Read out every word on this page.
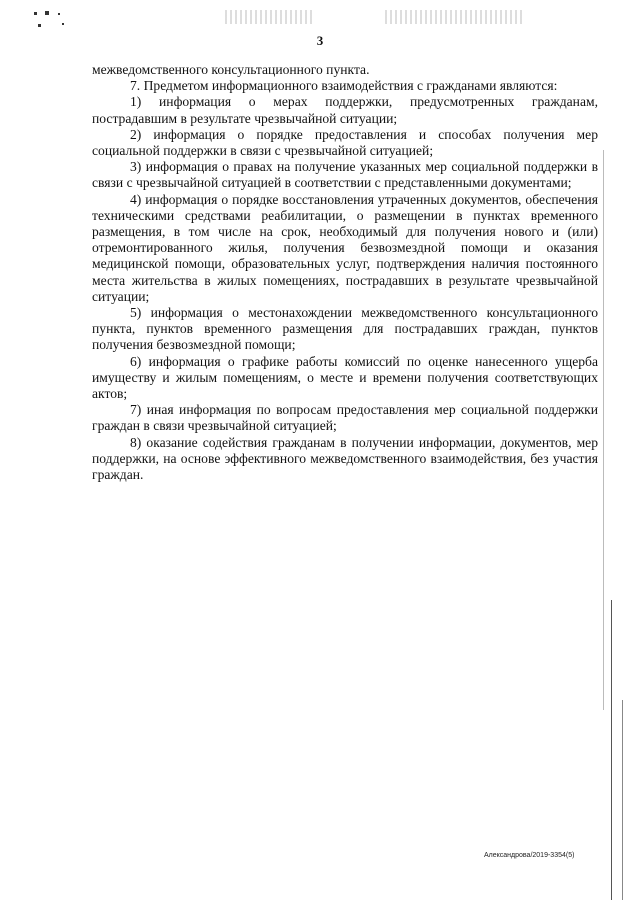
3

межведомственного консультационного пункта.

7. Предметом информационного взаимодействия с гражданами являются:

1) информация о мерах поддержки, предусмотренных гражданам, пострадавшим в результате чрезвычайной ситуации;

2) информация о порядке предоставления и способах получения мер социальной поддержки в связи с чрезвычайной ситуацией;

3) информация о правах на получение указанных мер социальной поддержки в связи с чрезвычайной ситуацией в соответствии с представленными документами;

4) информация о порядке восстановления утраченных документов, обеспечения техническими средствами реабилитации, о размещении в пунктах временного размещения, в том числе на срок, необходимый для получения нового и (или) отремонтированного жилья, получения безвозмездной помощи и оказания медицинской помощи, образовательных услуг, подтверждения наличия постоянного места жительства в жилых помещениях, пострадавших в результате чрезвычайной ситуации;

5) информация о местонахождении межведомственного консультационного пункта, пунктов временного размещения для пострадавших граждан, пунктов получения безвозмездной помощи;

6) информация о графике работы комиссий по оценке нанесенного ущерба имуществу и жилым помещениям, о месте и времени получения соответствующих актов;

7) иная информация по вопросам предоставления мер социальной поддержки граждан в связи чрезвычайной ситуацией;

8) оказание содействия гражданам в получении информации, документов, мер поддержки, на основе эффективного межведомственного взаимодействия, без участия граждан.

Александрова/2019-3354(5)
